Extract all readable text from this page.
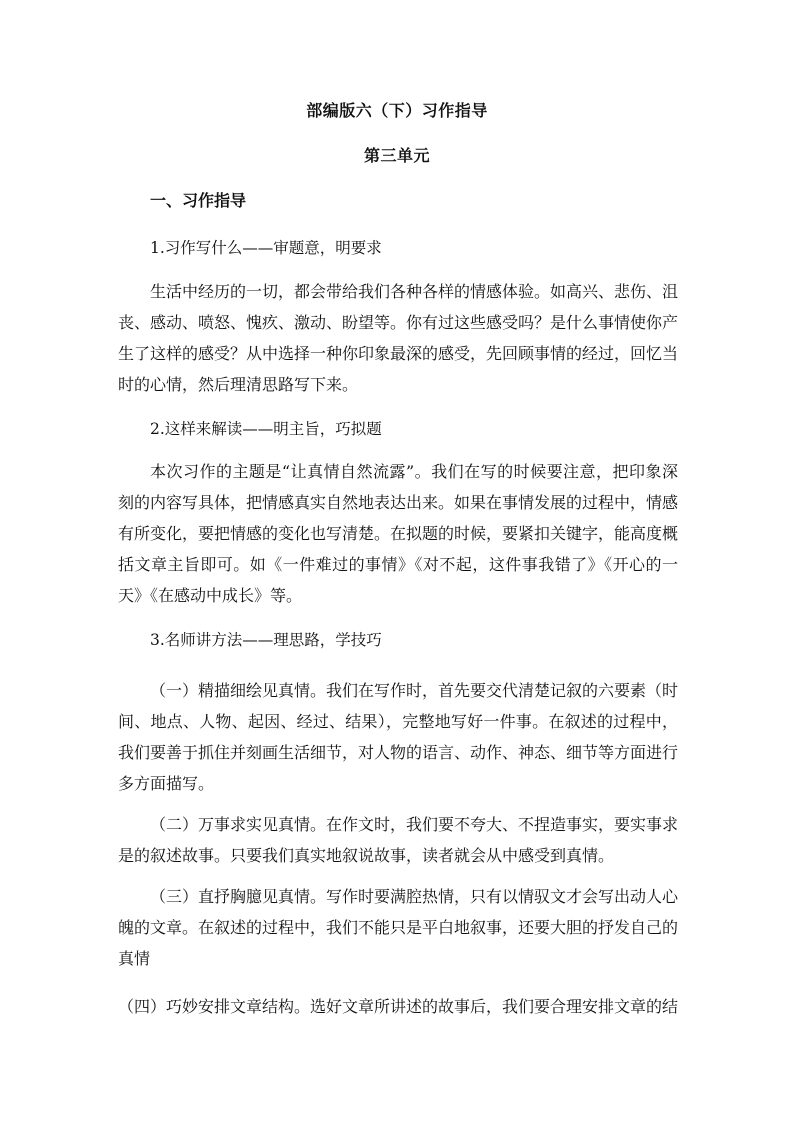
部编版六（下）习作指导
第三单元
一、习作指导
1.习作写什么——审题意，明要求

生活中经历的一切，都会带给我们各种各样的情感体验。如高兴、悲伤、沮丧、感动、喷怒、愧疚、激动、盼望等。你有过这些感受吗？是什么事情使你产生了这样的感受？从中选择一种你印象最深的感受，先回顾事情的经过，回忆当时的心情，然后理清思路写下来。

2.这样来解读——明主旨，巧拟题

本次习作的主题是“让真情自然流露”。我们在写的时候要注意，把印象深刻的内容写具体，把情感真实自然地表达出来。如果在事情发展的过程中，情感有所变化，要把情感的变化也写清楚。在拟题的时候，要紧扣关键字，能高度概括文章主旨即可。如《一件难过的事情》《对不起，这件事我错了》《开心的一天》《在感动中成长》等。

3.名师讲方法——理思路，学技巧

（一）精描细绘见真情。我们在写作时，首先要交代清楚记叙的六要素（时间、地点、人物、起因、经过、结果），完整地写好一件事。在叙述的过程中，我们要善于抓住并刻画生活细节，对人物的语言、动作、神态、细节等方面进行多方面描写。

（二）万事求实见真情。在作文时，我们要不夸大、不捏造事实，要实事求是的叙述故事。只要我们真实地叙说故事，读者就会从中感受到真情。

（三）直抒胸臆见真情。写作时要满腔热情，只有以情驭文才会写出动人心魄的文章。在叙述的过程中，我们不能只是平白地叙事，还要大胆的抒发自己的真情

（四）巧妙安排文章结构。选好文章所讲述的故事后，我们要合理安排文章的结
